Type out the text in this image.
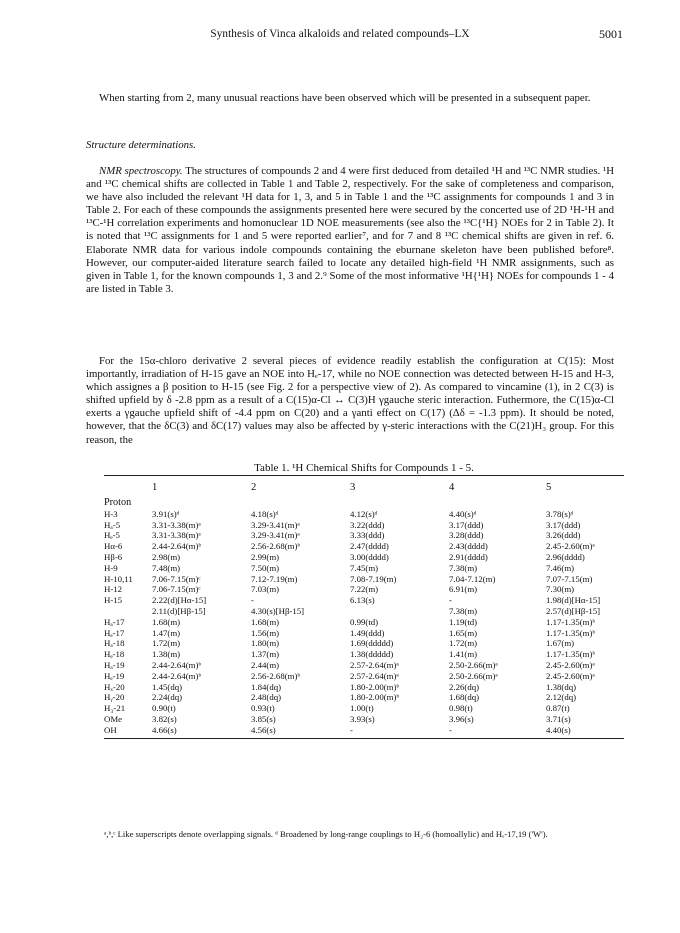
Synthesis of Vinca alkaloids and related compounds–LX	5001

When starting from 2, many unusual reactions have been observed which will be presented in a subsequent paper.

Structure determinations.

NMR spectroscopy. The structures of compounds 2 and 4 were first deduced from detailed ¹H and ¹³C NMR studies. ¹H and ¹³C chemical shifts are collected in Table 1 and Table 2, respectively. For the sake of completeness and comparison, we have also included the relevant ¹H data for 1, 3, and 5 in Table 1 and the ¹³C assignments for compounds 1 and 3 in Table 2. For each of these compounds the assignments presented here were secured by the concerted use of 2D ¹H-¹H and ¹³C-¹H correlation experiments and homonuclear 1D NOE measurements (see also the ¹³C{¹H} NOEs for 2 in Table 2). It is noted that ¹³C assignments for 1 and 5 were reported earlier⁷, and for 7 and 8 ¹³C chemical shifts are given in ref. 6. Elaborate NMR data for various indole compounds containing the eburnane skeleton have been published before⁸. However, our computer-aided literature search failed to locate any detailed high-field ¹H NMR assignments, such as given in Table 1, for the known compounds 1, 3 and 2.⁹ Some of the most informative ¹H{¹H} NOEs for compounds 1 - 4 are listed in Table 3.

For the 15α-chloro derivative 2 several pieces of evidence readily establish the configuration at C(15): Most importantly, irradiation of H-15 gave an NOE into Hₑ-17, while no NOE connection was detected between H-15 and H-3, which assignes a β position to H-15 (see Fig. 2 for a perspective view of 2). As compared to vincamine (1), in 2 C(3) is shifted upfield by δ -2.8 ppm as a result of a C(15)α-Cl ↔ C(3)H γgauche steric interaction. Futhermore, the C(15)α-Cl exerts a γgauche upfield shift of -4.4 ppm on C(20) and a γanti effect on C(17) (Δδ = -1.3 ppm). It should be noted, however, that the δC(3) and δC(17) values may also be affected by γ-steric interactions with the C(21)H₃ group. For this reason, the

Table 1. ¹H Chemical Shifts for Compounds 1 - 5.
1	2	3	4	5
Proton					
H-3	3.91(s)ᵈ	4.18(s)ᵈ	4.12(s)ᵈ	4.40(s)ᵈ	3.78(s)ᵈ
Hₐ-5	3.31-3.38(m)ᵃ	3.29-3.41(m)ᵃ	3.22(ddd)	3.17(ddd)	3.17(ddd)
Hₑ-5	3.31-3.38(m)ᵃ	3.29-3.41(m)ᵃ	3.33(ddd)	3.28(ddd)	3.26(ddd)
Hα-6	2.44-2.64(m)ᵇ	2.56-2.68(m)ᵇ	2.47(dddd)	2.43(dddd)	2.45-2.60(m)ᵃ
Hβ-6	2.98(m)	2.99(m)	3.00(dddd)	2.91(dddd)	2.96(dddd)
H-9	7.48(m)	7.50(m)	7.45(m)	7.38(m)	7.46(m)
H-10,11	7.06-7.15(m)ᶜ	7.12-7.19(m)	7.08-7.19(m)	7.04-7.12(m)	7.07-7.15(m)
H-12	7.06-7.15(m)ᶜ	7.03(m)	7.22(m)	6.91(m)	7.30(m)
H-15	2.22(d)[Hα-15]	-	6.13(s)	-	1.98(d)[Hα-15]
	2.11(d)[Hβ-15]	4.30(s)[Hβ-15]		7.38(m)	2.57(d)[Hβ-15]
Hₐ-17	1.68(m)	1.68(m)	0.99(td)	1.19(td)	1.17-1.35(m)ᵇ
Hₑ-17	1.47(m)	1.56(m)	1.49(ddd)	1.65(m)	1.17-1.35(m)ᵇ
Hₐ-18	1.72(m)	1.80(m)	1.69(ddddd)	1.72(m)	1.67(m)
Hₑ-18	1.38(m)	1.37(m)	1.38(ddddd)	1.41(m)	1.17-1.35(m)ᵇ
Hₐ-19	2.44-2.64(m)ᵇ	2.44(m)	2.57-2.64(m)ᵃ	2.50-2.66(m)ᵃ	2.45-2.60(m)ᵃ
Hₑ-19	2.44-2.64(m)ᵇ	2.56-2.68(m)ᵇ	2.57-2.64(m)ᵃ	2.50-2.66(m)ᵃ	2.45-2.60(m)ᵃ
Hₓ-20	1.45(dq)	1.84(dq)	1.80-2.00(m)ᵇ	2.26(dq)	1.38(dq)
Hᵧ-20	2.24(dq)	2.48(dq)	1.80-2.00(m)ᵇ	1.68(dq)	2.12(dq)
H₃-21	0.90(t)	0.93(t)	1.00(t)	0.98(t)	0.87(t)
OMe	3.82(s)	3.85(s)	3.93(s)	3.96(s)	3.71(s)
OH	4.66(s)	4.56(s)	-	-	4.40(s)
ᵃ,ᵇ,ᶜ Like superscripts denote overlapping signals. ᵈ Broadened by long-range couplings to H₂-6 (homoallylic) and Hₑ-17,19 ('W').
